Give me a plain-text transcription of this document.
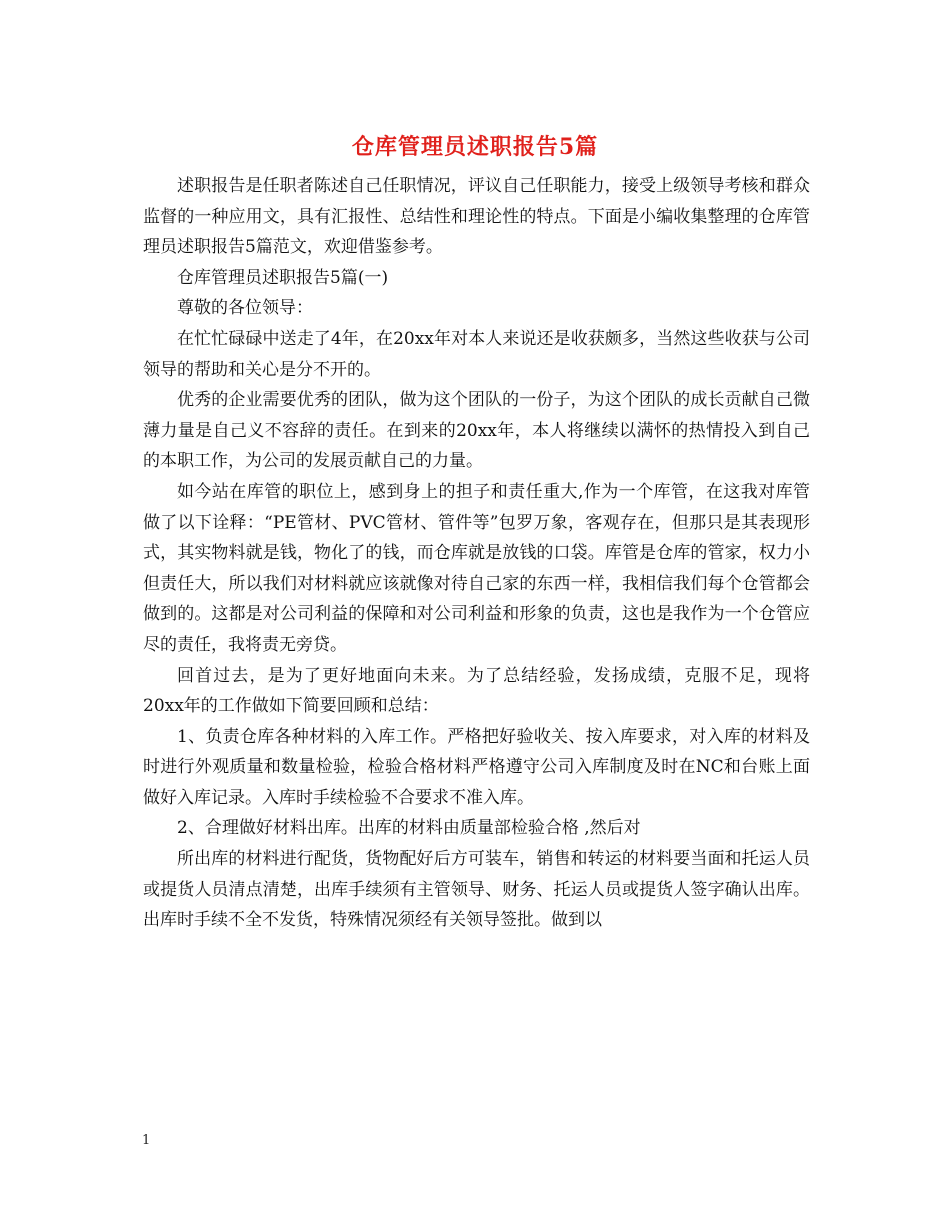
仓库管理员述职报告5篇

述职报告是任职者陈述自己任职情况，评议自己任职能力，接受上级领导考核和群众监督的一种应用文，具有汇报性、总结性和理论性的特点。下面是小编收集整理的仓库管理员述职报告5篇范文，欢迎借鉴参考。

仓库管理员述职报告5篇(一)

尊敬的各位领导：

在忙忙碌碌中送走了4年，在20xx年对本人来说还是收获颇多，当然这些收获与公司领导的帮助和关心是分不开的。

优秀的企业需要优秀的团队，做为这个团队的一份子，为这个团队的成长贡献自己微薄力量是自己义不容辞的责任。在到来的20xx年，本人将继续以满怀的热情投入到自己的本职工作，为公司的发展贡献自己的力量。

如今站在库管的职位上，感到身上的担子和责任重大,作为一个库管，在这我对库管做了以下诠释：“PE管材、PVC管材、管件等”包罗万象，客观存在，但那只是其表现形式，其实物料就是钱，物化了的钱，而仓库就是放钱的口袋。库管是仓库的管家，权力小但责任大，所以我们对材料就应该就像对待自己家的东西一样，我相信我们每个仓管都会做到的。这都是对公司利益的保障和对公司利益和形象的负责，这也是我作为一个仓管应尽的责任，我将责无旁贷。

回首过去，是为了更好地面向未来。为了总结经验，发扬成绩，克服不足，现将20xx年的工作做如下简要回顾和总结：

1、负责仓库各种材料的入库工作。严格把好验收关、按入库要求，对入库的材料及时进行外观质量和数量检验，检验合格材料严格遵守公司入库制度及时在NC和台账上面做好入库记录。入库时手续检验不合要求不准入库。

2、合理做好材料出库。出库的材料由质量部检验合格 ,然后对

所出库的材料进行配货，货物配好后方可装车，销售和转运的材料要当面和托运人员或提货人员清点清楚，出库手续须有主管领导、财务、托运人员或提货人签字确认出库。出库时手续不全不发货，特殊情况须经有关领导签批。做到以

1
